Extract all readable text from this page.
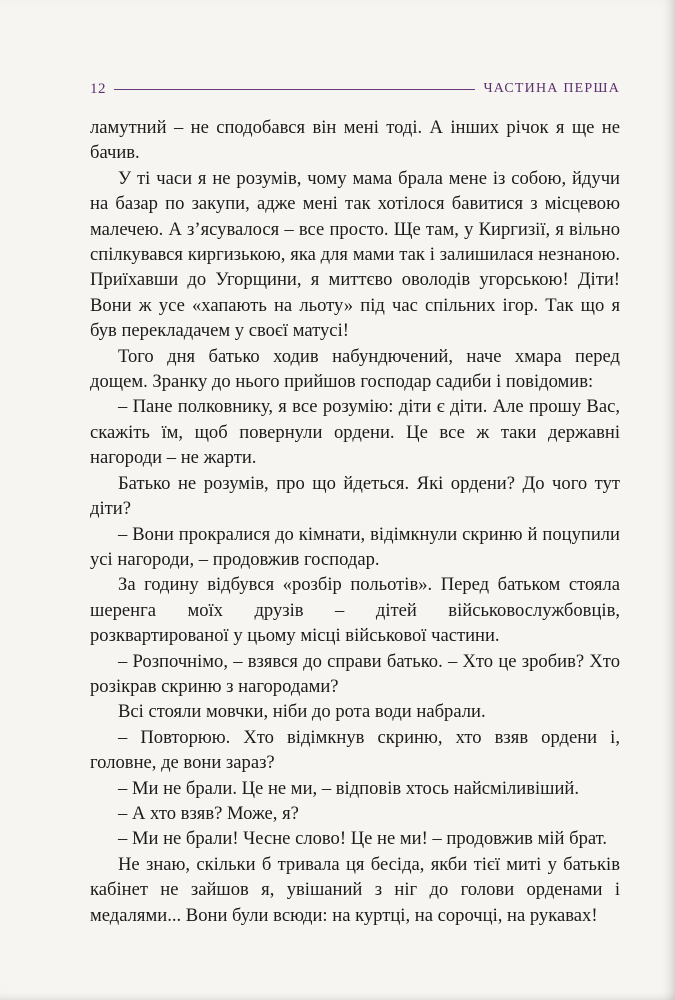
12	ЧАСТИНА ПЕРША

ламутний – не сподобався він мені тоді. А інших річок я ще не бачив.

У ті часи я не розумів, чому мама брала мене із собою, йдучи на базар по закупи, адже мені так хотілося бавитися з місцевою малечею. А з’ясувалося – все просто. Ще там, у Киргизії, я вільно спілкувався киргизькою, яка для мами так і залишилася незнаною. Приїхавши до Угорщини, я миттєво оволодів угорською! Діти! Вони ж усе «хапають на льоту» під час спільних ігор. Так що я був перекладачем у своєї матусі!

Того дня батько ходив набундючений, наче хмара перед дощем. Зранку до нього прийшов господар садиби і повідомив:

– Пане полковнику, я все розумію: діти є діти. Але прошу Вас, скажіть їм, щоб повернули ордени. Це все ж таки державні нагороди – не жарти.

Батько не розумів, про що йдеться. Які ордени? До чого тут діти?

– Вони прокралися до кімнати, відімкнули скриню й поцупили усі нагороди, – продовжив господар.

За годину відбувся «розбір польотів». Перед батьком стояла шеренга моїх друзів – дітей військовослужбовців, розквартированої у цьому місці військової частини.

– Розпочнімо, – взявся до справи батько. – Хто це зробив? Хто розікрав скриню з нагородами?

Всі стояли мовчки, ніби до рота води набрали.

– Повторюю. Хто відімкнув скриню, хто взяв ордени і, головне, де вони зараз?

– Ми не брали. Це не ми, – відповів хтось найсміливіший.

– А хто взяв? Може, я?

– Ми не брали! Чесне слово! Це не ми! – продовжив мій брат.

Не знаю, скільки б тривала ця бесіда, якби тієї миті у батьків кабінет не зайшов я, увішаний з ніг до голови орденами і медалями... Вони були всюди: на куртці, на сорочці, на рукавах!
